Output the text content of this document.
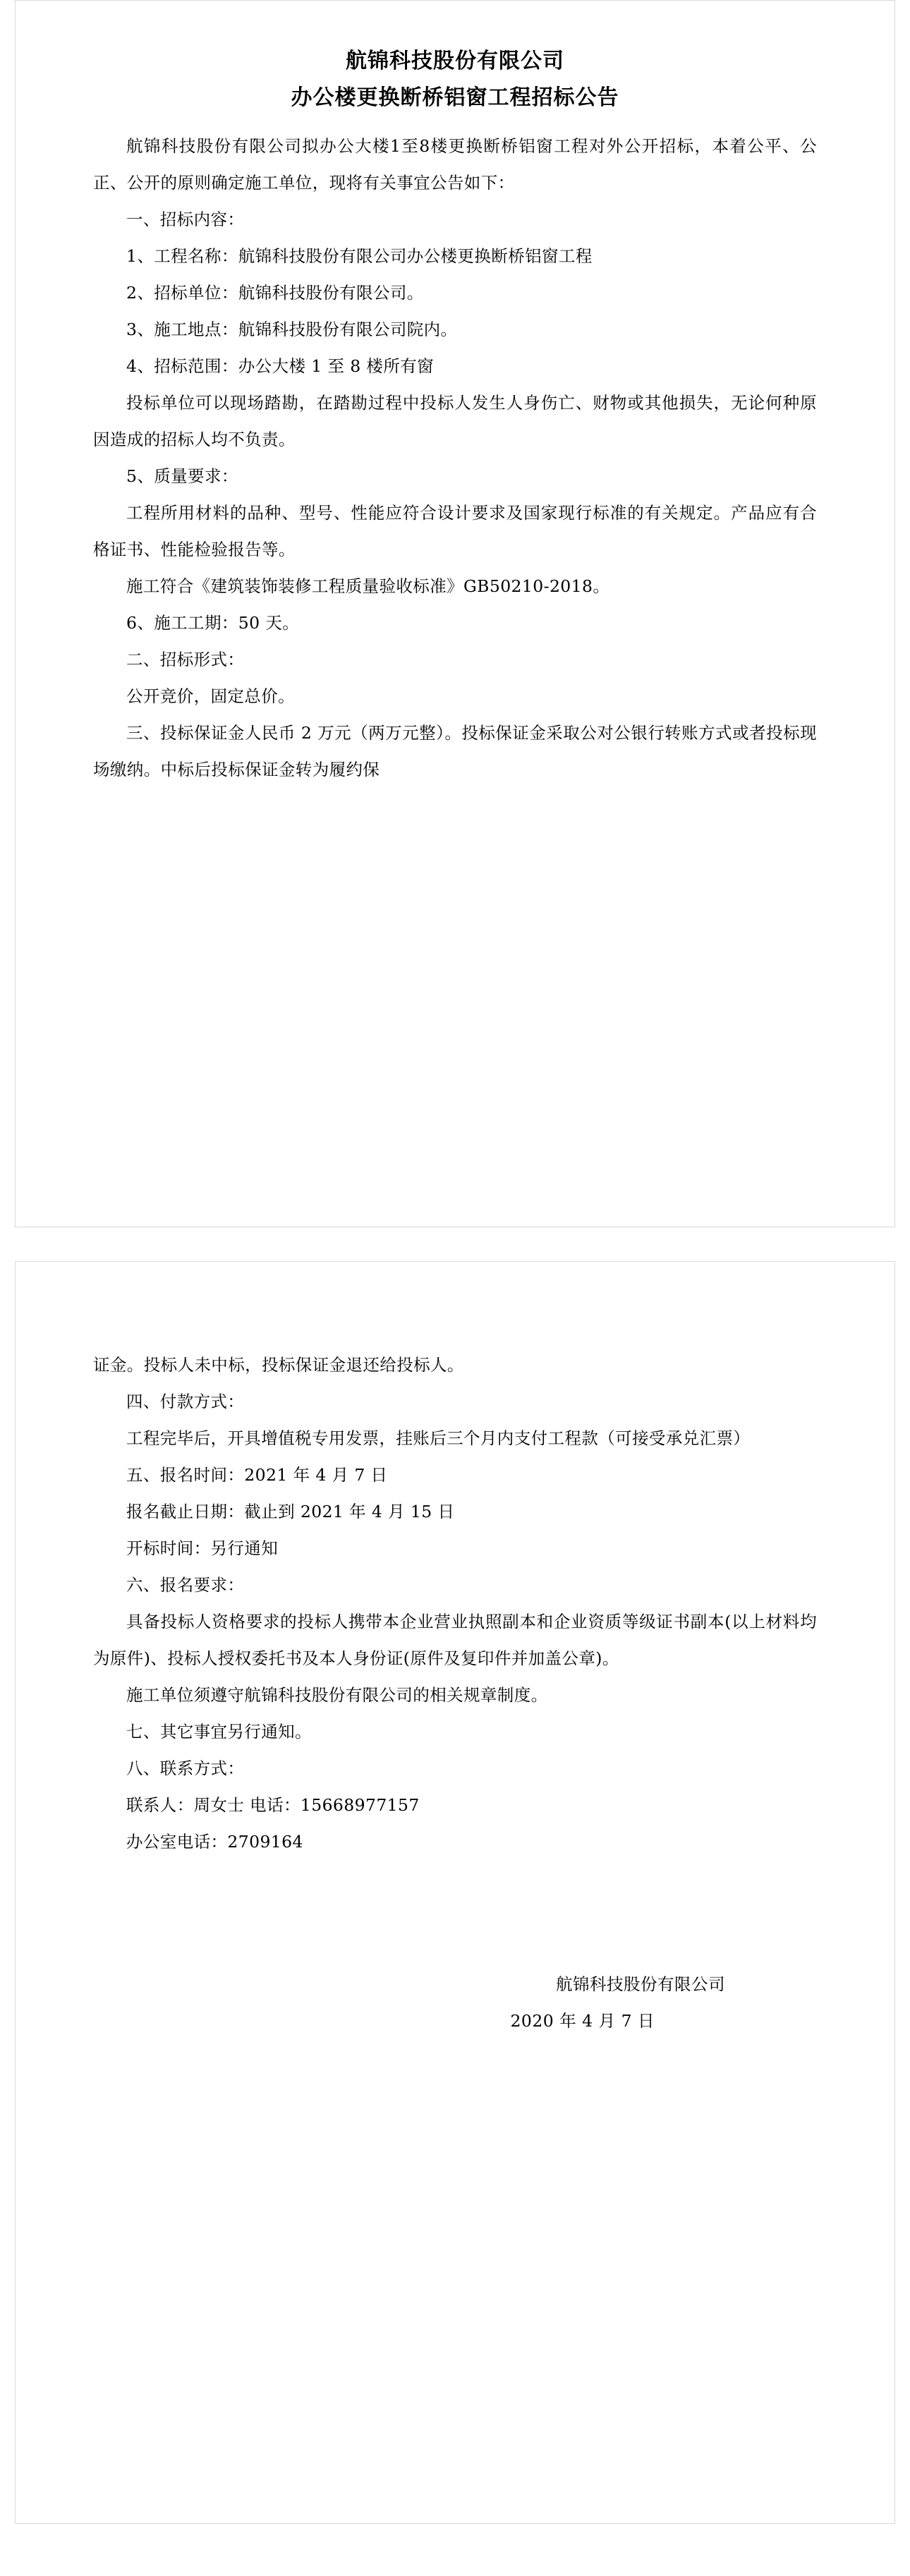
航锦科技股份有限公司
办公楼更换断桥铝窗工程招标公告

航锦科技股份有限公司拟办公大楼1至8楼更换断桥铝窗工程对外公开招标，本着公平、公正、公开的原则确定施工单位，现将有关事宜公告如下：

一、招标内容：

1、工程名称：航锦科技股份有限公司办公楼更换断桥铝窗工程

2、招标单位：航锦科技股份有限公司。

3、施工地点：航锦科技股份有限公司院内。

4、招标范围：办公大楼 1 至 8 楼所有窗

投标单位可以现场踏勘，在踏勘过程中投标人发生人身伤亡、财物或其他损失，无论何种原因造成的招标人均不负责。

5、质量要求：

工程所用材料的品种、型号、性能应符合设计要求及国家现行标准的有关规定。产品应有合格证书、性能检验报告等。

施工符合《建筑装饰装修工程质量验收标准》GB50210-2018。

6、施工工期：50 天。

二、招标形式：

公开竞价，固定总价。

三、投标保证金人民币 2 万元（两万元整）。投标保证金采取公对公银行转账方式或者投标现场缴纳。中标后投标保证金转为履约保

证金。投标人未中标，投标保证金退还给投标人。

四、付款方式：

工程完毕后，开具增值税专用发票，挂账后三个月内支付工程款（可接受承兑汇票）

五、报名时间：2021 年 4 月 7 日

报名截止日期：截止到 2021 年 4 月 15 日

开标时间：另行通知

六、报名要求：

具备投标人资格要求的投标人携带本企业营业执照副本和企业资质等级证书副本(以上材料均为原件)、投标人授权委托书及本人身份证(原件及复印件并加盖公章)。

施工单位须遵守航锦科技股份有限公司的相关规章制度。

七、其它事宜另行通知。

八、联系方式：

联系人：周女士 电话：15668977157

办公室电话：2709164

航锦科技股份有限公司

2020 年 4 月 7 日
